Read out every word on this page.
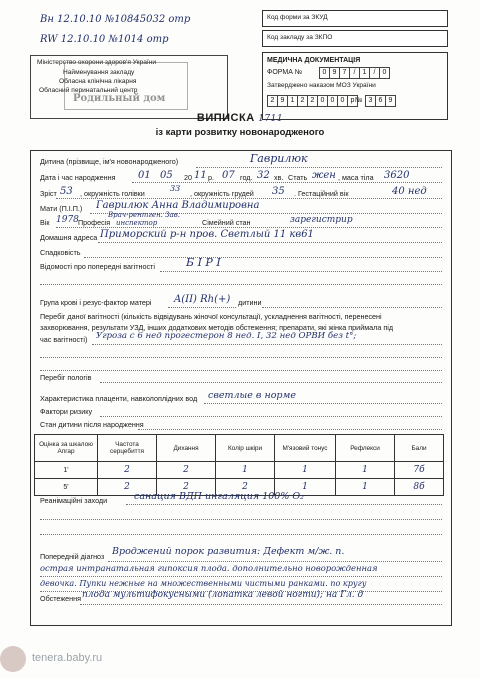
Вн 12.10.10 №10845032 отр
RW 12.10.10 №1014 отр
Код форми за ЗКУД
Код закладу за ЗКПО
Міністерство охорони здоров'я України
Найменування закладу
Обласна клінічна лікарня
Обласний перинатальний центр
Родильный дом
МЕДИЧНА ДОКУМЕНТАЦІЯ
ФОРМА №	0 9 7	/	1	/	0
Затверджено наказом МОЗ України
2 9 1 2 2 0 0 0 р № 3 6 9
ВИПИСКА 1711
із карти розвитку новонародженого
Дитина (прізвище, ім'я новонародженого)	Гаврилюк
Дата і час народження 01 05 20 11 р. 07 год. 32 хв. Стать жен , маса тіла 3620
Зріст 53 , окружність голівки
33
, окружність грудей 35 . Гестаційний вік	40 нед
Мати (П.І.П.) Гаврилюк Анна Владимировна
Вік 1978 Професія
Врач-рентген. Зав.
инспектор	Сімейний стан	зарегистрир
Домашня адреса Приморский р-н пров. Светлый 11 кв61
Спадковість
Відомості про попередні вагітності	Б I Р I
Група крові і резус-фактор матері A(II) Rh(+) дитини
Перебіг даної вагітності (кількість відвідувань жіночої консультації, ускладнення вагітності, перенесені
захворювання, результати УЗД, інших додаткових методів обстеження; препарати, які жінка приймала під
час вагітності) Угроза с 6 нед прогестерон 8 нед. I, 32 нед ОРВИ без t°;
Перебіг пологів
Характеристика плаценти, навколоплідних вод светлые в норме
Фактори ризику
Стан дитини після народження
Оцінка за шкалою Апгар	Частота серцебиття	Дихання	Колір шкіри	М'язовий тонус	Рефлекси	Бали
1'	2	2	1	1	1	7б
5'	2	2	2	1	1	8б
Реанімаційні заходи	санация ВДП ингаляция 100% O₂
Попередній діагноз Вроджений порок развития: Дефект м/ж. п.
острая интранатальная гипоксия плода. дополнительно новорожденная
девочка. Пупки нежные на множественными чистыми ранками. по кругу
Обстеження плода мультифокусными (лопатка левой ногти); на Гл. д
tenera.baby.ru
